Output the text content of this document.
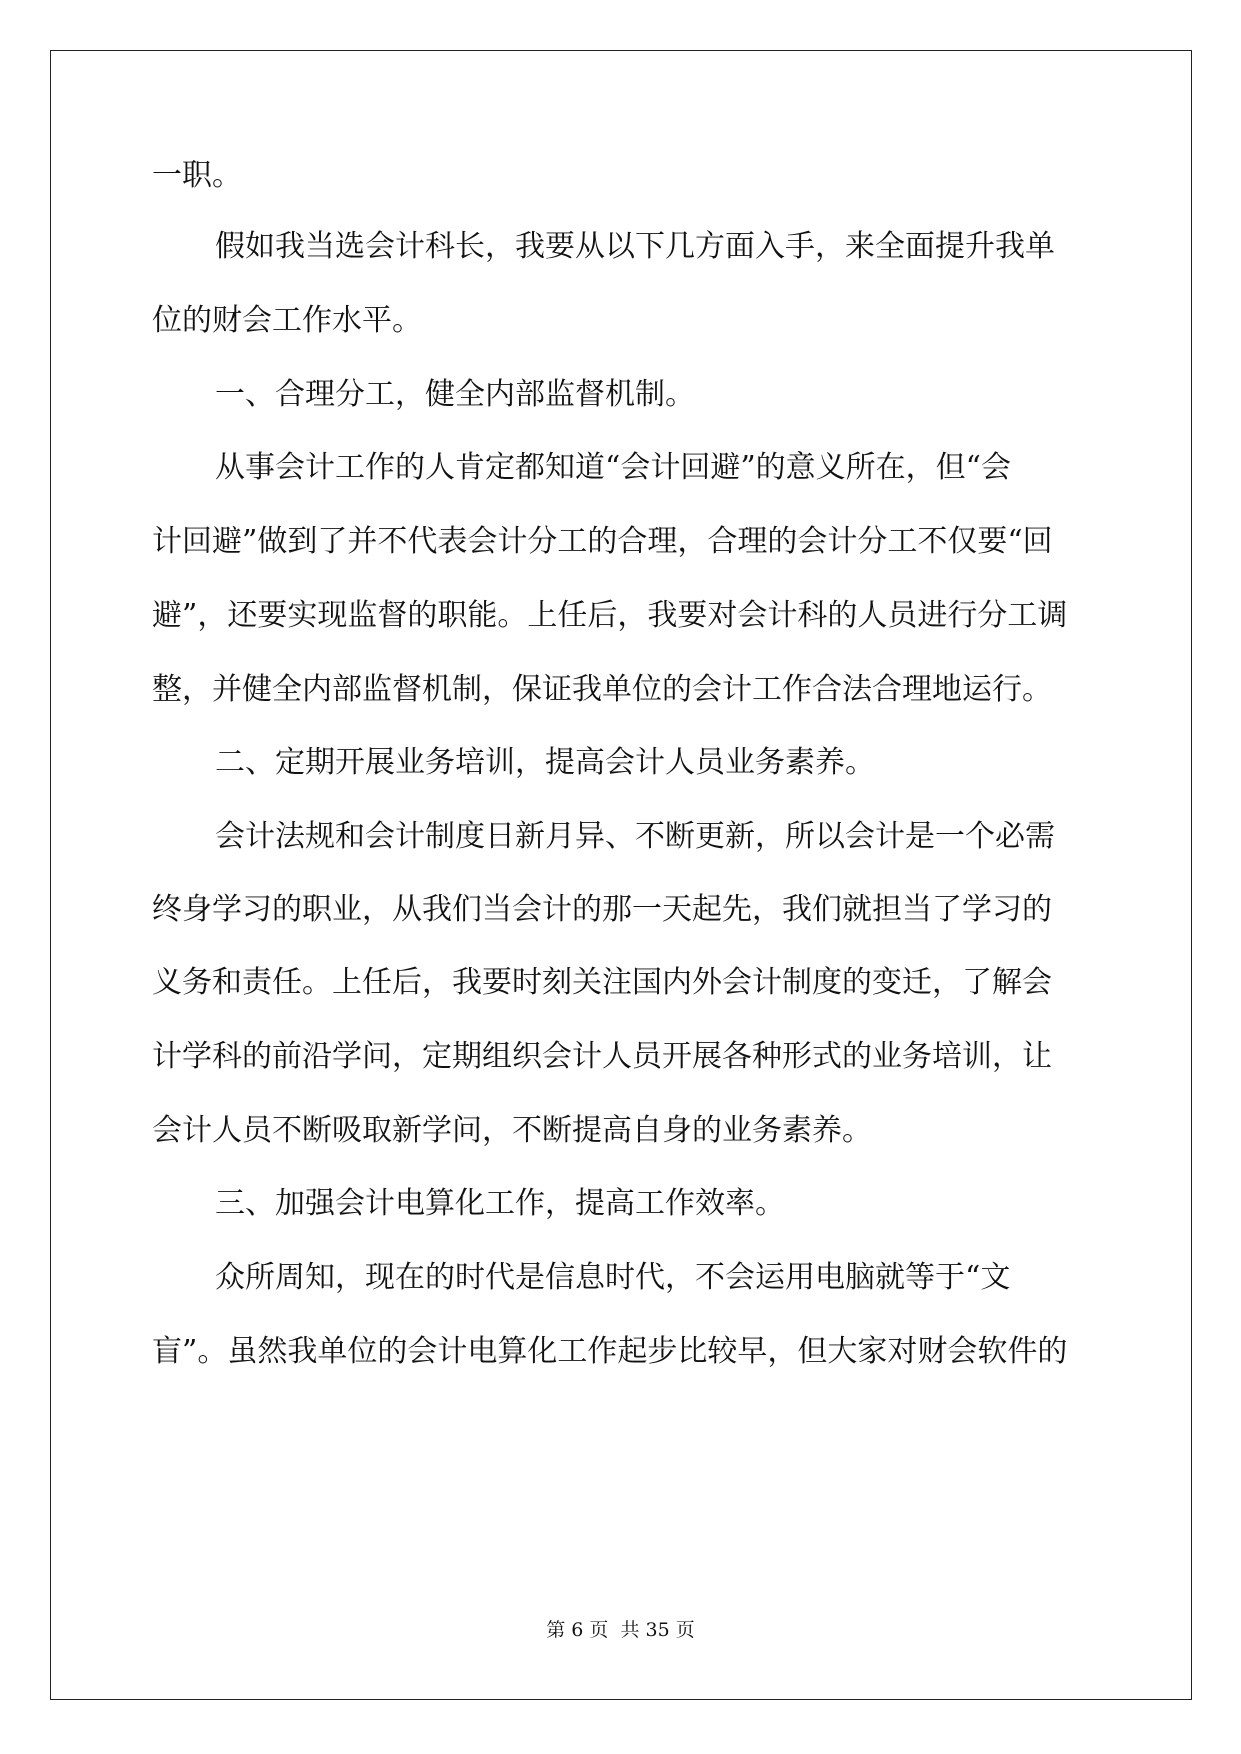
一职。
假如我当选会计科长，我要从以下几方面入手，来全面提升我单
位的财会工作水平。
一、合理分工，健全内部监督机制。
从事会计工作的人肯定都知道“会计回避”的意义所在，但“会
计回避”做到了并不代表会计分工的合理，合理的会计分工不仅要“回
避”，还要实现监督的职能。上任后，我要对会计科的人员进行分工调
整，并健全内部监督机制，保证我单位的会计工作合法合理地运行。
二、定期开展业务培训，提高会计人员业务素养。
会计法规和会计制度日新月异、不断更新，所以会计是一个必需
终身学习的职业，从我们当会计的那一天起先，我们就担当了学习的
义务和责任。上任后，我要时刻关注国内外会计制度的变迁，了解会
计学科的前沿学问，定期组织会计人员开展各种形式的业务培训，让
会计人员不断吸取新学问，不断提高自身的业务素养。
三、加强会计电算化工作，提高工作效率。
众所周知，现在的时代是信息时代，不会运用电脑就等于“文
盲”。虽然我单位的会计电算化工作起步比较早，但大家对财会软件的
第 6 页 共 35 页
